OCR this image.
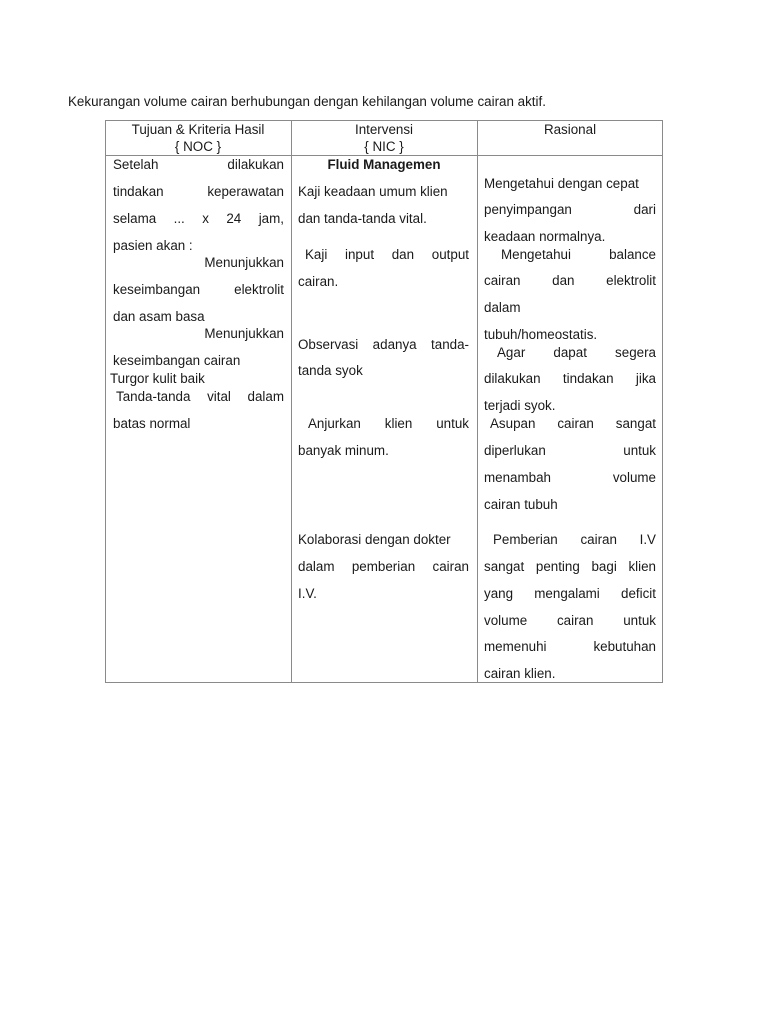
Kekurangan volume cairan berhubungan dengan kehilangan volume cairan aktif.
Tujuan & Kriteria Hasil
{ NOC }
Intervensi
{ NIC }
Rasional
Setelah dilakukan
tindakan keperawatan
selama ... x 24 jam,
pasien akan :
Menunjukkan
keseimbangan elektrolit
dan asam basa
Menunjukkan
keseimbangan cairan
Turgor kulit baik
Tanda-tanda vital dalam
batas normal
Fluid Managemen
Kaji keadaan umum klien
dan tanda-tanda vital.
Kaji input dan output
cairan.
Observasi adanya tanda-
tanda syok
Anjurkan klien untuk
banyak minum.
Kolaborasi dengan dokter
dalam pemberian cairan
I.V.
Mengetahui dengan cepat
penyimpangan dari
keadaan normalnya.
Mengetahui balance
cairan dan elektrolit
dalam
tubuh/homeostatis.
Agar dapat segera
dilakukan tindakan jika
terjadi syok.
Asupan cairan sangat
diperlukan untuk
menambah volume
cairan tubuh
Pemberian cairan I.V
sangat penting bagi klien
yang mengalami deficit
volume cairan untuk
memenuhi kebutuhan
cairan klien.
